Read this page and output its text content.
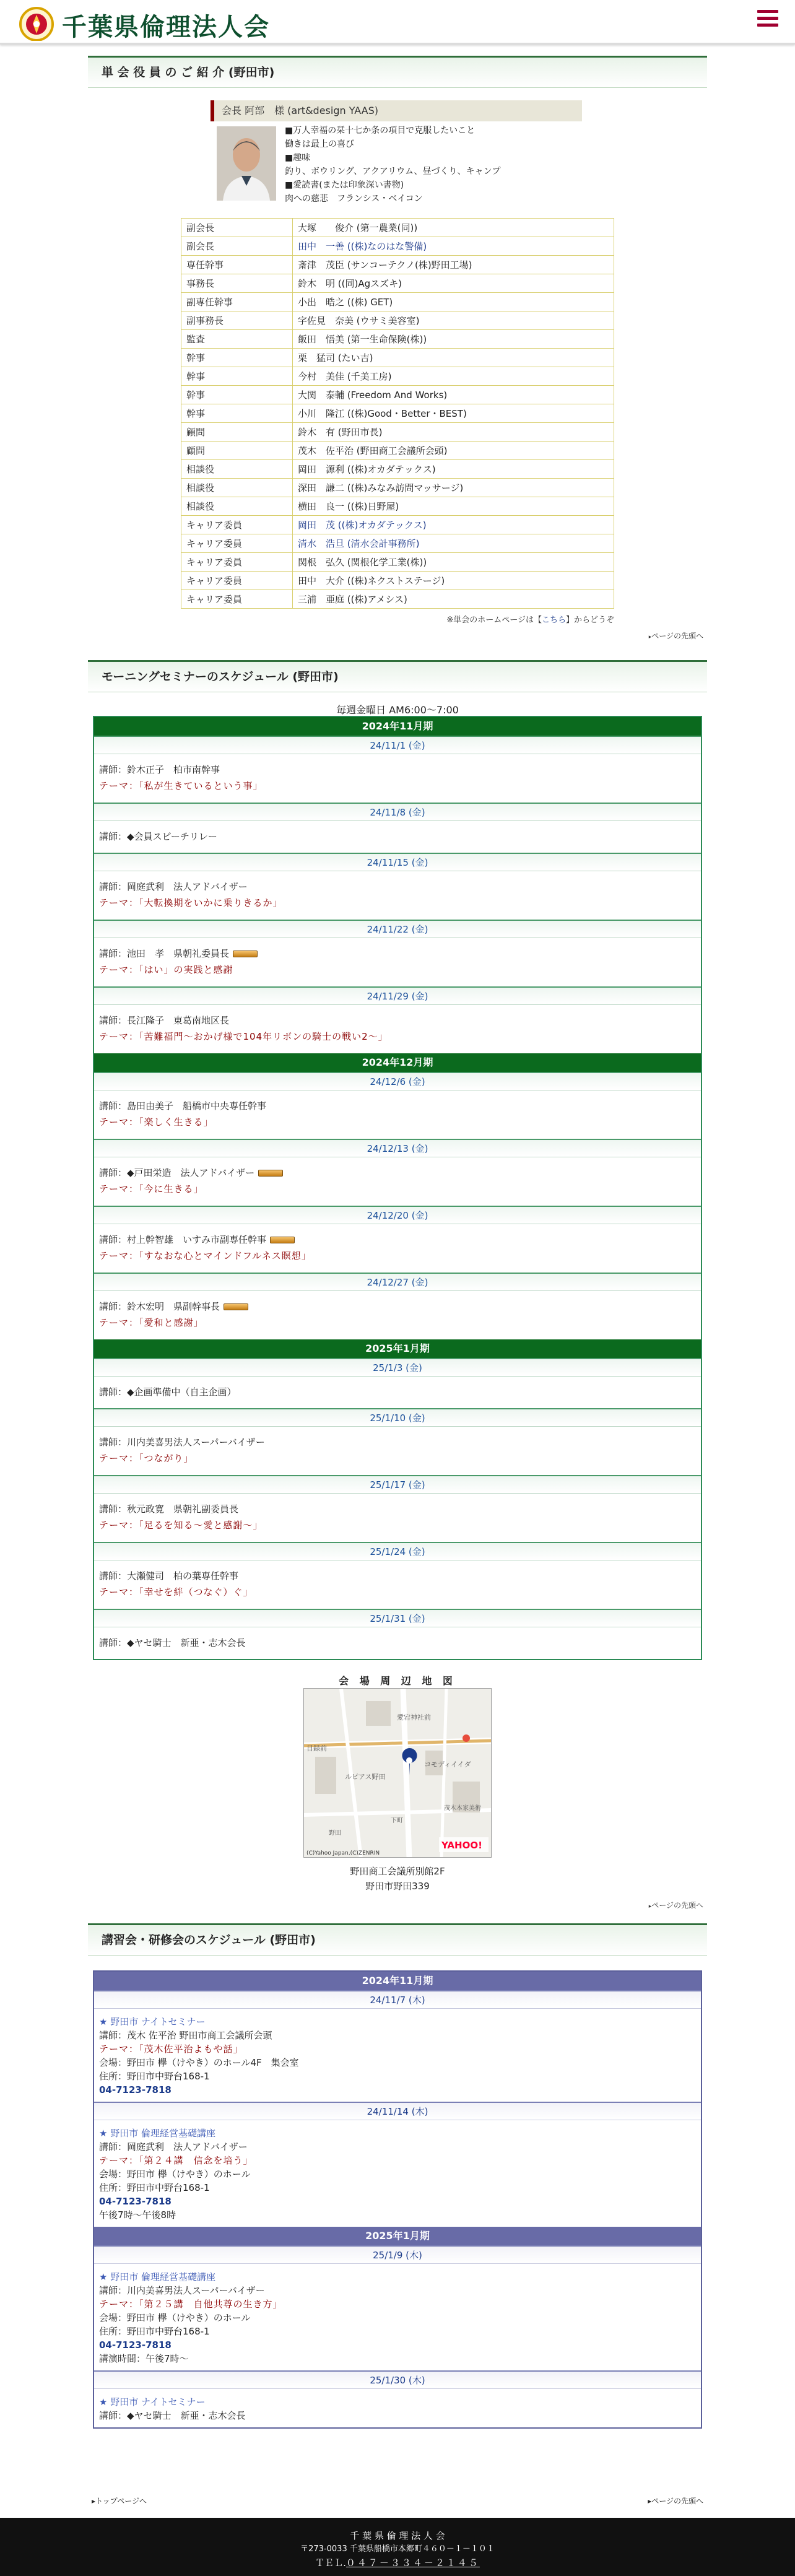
千葉県倫理法人会
単 会 役 員 の ご 紹 介 (野田市)
会長 阿部　様 (art&design YAAS)
■万人幸福の栞十七か条の項目で克服したいこと
働きは最上の喜び
■趣味
釣り、ボウリング、アクアリウム、昼づくり、キャンプ
■愛読書(または印象深い書物)
肉への慈悲　フランシス・ベイコン
副会長	大塚　　俊介 (第一農業(同))
副会長	田中　一善 ((株)なのはな警備)
専任幹事	斎津　茂臣 (サンコーテクノ(株)野田工場)
事務長	鈴木　明 ((同)Agスズキ)
副専任幹事	小出　晧之 ((株) GET)
副事務長	字佐見　奈美 (ウサミ美容室)
監査	飯田　悟美 (第一生命保険(株))
幹事	栗　猛司 (たい吉)
幹事	今村　美佳 (千美工房)
幹事	大関　泰輔 (Freedom And Works)
幹事	小川　隆江 ((株)Good・Better・BEST)
顧問	鈴木　有 (野田市長)
顧問	茂木　佐平治 (野田商工会議所会頭)
相談役	岡田　源利 ((株)オカダテックス)
相談役	深田　謙二 ((株)みなみ訪問マッサージ)
相談役	横田　良一 ((株)日野屋)
キャリア委員	岡田　茂 ((株)オカダテックス)
キャリア委員	清水　浩旦 (清水会計事務所)
キャリア委員	関根　弘久 (関根化学工業(株))
キャリア委員	田中　大介 ((株)ネクストステージ)
キャリア委員	三浦　亜庭 ((株)アメシス)
※単会のホームページは【こちら】からどうぞ
▸ページの先頭へ
モーニングセミナーのスケジュール (野田市)
毎週金曜日 AM6:00〜7:00
2024年11月期
24/11/1 (金)
講師：鈴木正子　柏市南幹事
テーマ：「私が生きているという事」
24/11/8 (金)
講師：◆会員スピーチリレー
24/11/15 (金)
講師：岡庭武利　法人アドバイザー
テーマ：「大転換期をいかに乗りきるか」
24/11/22 (金)
講師：池田　孝　県朝礼委員長
テーマ：「はい」の実践と感謝
24/11/29 (金)
講師：長江隆子　東葛南地区長
テーマ：「苦難福門～おかげ様で104年リボンの騎士の戦い2～」
2024年12月期
24/12/6 (金)
講師：島田由美子　船橋市中央専任幹事
テーマ：「楽しく生きる」
24/12/13 (金)
講師：◆戸田栄造　法人アドバイザー
テーマ：「今に生きる」
24/12/20 (金)
講師：村上幹智雄　いすみ市副専任幹事
テーマ：「すなおな心とマインドフルネス瞑想」
24/12/27 (金)
講師：鈴木宏明　県副幹事長
テーマ：「愛和と感謝」
2025年1月期
25/1/3 (金)
講師：◆企画準備中（自主企画）
25/1/10 (金)
講師：川内美喜男法人スーパーバイザー
テーマ：「つながり」
25/1/17 (金)
講師：秋元政寛　県朝礼副委員長
テーマ：「足るを知る～愛と感謝～」
25/1/24 (金)
講師：大瀬健司　柏の葉専任幹事
テーマ：「幸せを絆（つなぐ）ぐ」
25/1/31 (金)
講師：◆ヤセ騎士　新亜・志木会長
会 場 周 辺 地 図
愛宕神社前
目録前
ルピアス野田
コモディイイダ
茂木本家美術
下町
野田
YAHOO!
(C)Yahoo Japan,(C)ZENRIN
野田商工会議所別館2F
野田市野田339
▸ページの先頭へ
講習会・研修会のスケジュール (野田市)
2024年11月期
24/11/7 (木)
★ 野田市 ナイトセミナー
講師：茂木 佐平治 野田市商工会議所会頭
テーマ：「茂木佐平治よもや話」
会場：野田市 欅（けやき）のホール4F　集会室
住所：野田市中野台168-1
04-7123-7818
24/11/14 (木)
★ 野田市 倫理経営基礎講座
講師：岡庭武利　法人アドバイザー
テーマ：「第２４講　信念を培う」
会場：野田市 欅（けやき）のホール
住所：野田市中野台168-1
04-7123-7818
午後7時〜午後8時
2025年1月期
25/1/9 (木)
★ 野田市 倫理経営基礎講座
講師：川内美喜男法人スーパーバイザー
テーマ：「第２５講　自他共尊の生き方」
会場：野田市 欅（けやき）のホール
住所：野田市中野台168-1
04-7123-7818
講演時間：午後7時〜
25/1/30 (木)
★ 野田市 ナイトセミナー
講師：◆ヤセ騎士　新亜・志木会長
▸トップページへ	▸ページの先頭へ
千 葉 県 倫 理 法 人 会
〒273-0033 千葉県船橋市本郷町４６０－１－１０１
ＴＥＬ.０４７－３３４－２１４５
